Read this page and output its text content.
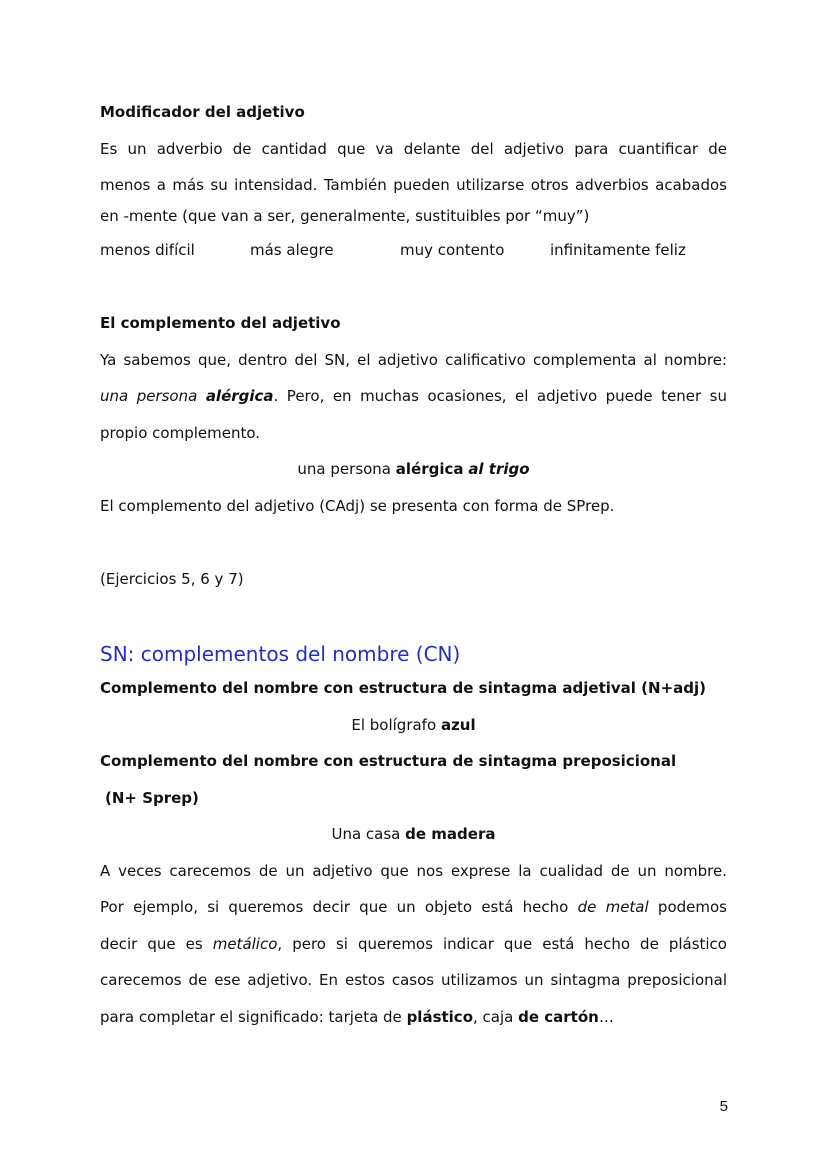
Modificador del adjetivo

Es un adverbio de cantidad que va delante del adjetivo para cuantificar de

menos a más su intensidad. También pueden utilizarse otros adverbios acabados

en -mente (que van a ser, generalmente, sustituibles por “muy”)

menos difícil	más alegre	muy contento	infinitamente feliz

El complemento del adjetivo

Ya sabemos que, dentro del SN, el adjetivo calificativo complementa al nombre:

una persona alérgica. Pero, en muchas ocasiones, el adjetivo puede tener su

propio complemento.

una persona alérgica al trigo

El complemento del adjetivo (CAdj) se presenta con forma de SPrep.

(Ejercicios 5, 6 y 7)

SN: complementos del nombre (CN)

Complemento del nombre con estructura de sintagma adjetival (N+adj)

El bolígrafo azul

Complemento del nombre con estructura de sintagma preposicional

(N+ Sprep)

Una casa de madera

A veces carecemos de un adjetivo que nos exprese la cualidad de un nombre.

Por ejemplo, si queremos decir que un objeto está hecho de metal podemos

decir que es metálico, pero si queremos indicar que está hecho de plástico

carecemos de ese adjetivo. En estos casos utilizamos un sintagma preposicional

para completar el significado: tarjeta de plástico, caja de cartón…

5
